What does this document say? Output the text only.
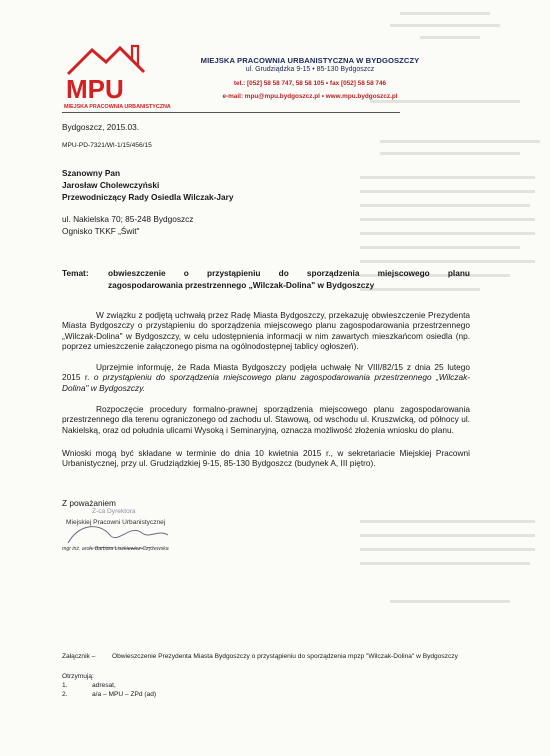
MPU
MIEJSKA PRACOWNIA URBANISTYCZNA
MIEJSKA PRACOWNIA URBANISTYCZNA W BYDGOSZCZY
ul. Grudziądzka 9-15 • 85-130 Bydgoszcz
tel.: [052] 58 58 747, 58 58 105 • fax [052] 58 58 746
e-mail: mpu@mpu.bydgoszcz.pl • www.mpu.bydgoszcz.pl
Bydgoszcz, 2015.03.
MPU-PD-7321/WI-1/15/456/15
Szanowny Pan
Jarosław Cholewczyński
Przewodniczący Rady Osiedla Wilczak-Jary
ul. Nakielska 70; 85-248 Bydgoszcz
Ognisko TKKF „Świt"
Temat: obwieszczenie o przystąpieniu do sporządzenia miejscowego planu
zagospodarowania przestrzennego „Wilczak-Dolina" w Bydgoszczy
W związku z podjętą uchwałą przez Radę Miasta Bydgoszczy, przekazuję obwieszczenie Prezydenta Miasta Bydgoszczy o przystąpieniu do sporządzenia miejscowego planu zagospodarowania przestrzennego „Wilczak-Dolina" w Bydgoszczy, w celu udostępnienia informacji w nim zawartych mieszkańcom osiedla (np. poprzez umieszczenie załączonego pisma na ogólnodostępnej tablicy ogłoszeń).
Uprzejmie informuję, że Rada Miasta Bydgoszczy podjęła uchwałę Nr VIII/82/15 z dnia 25 lutego 2015 r. o przystąpieniu do sporządzenia miejscowego planu zagospodarowania przestrzennego „Wilczak-Dolina" w Bydgoszczy.
Rozpoczęcie procedury formalno-prawnej sporządzenia miejscowego planu zagospodarowania przestrzennego dla terenu ograniczonego od zachodu ul. Stawową, od wschodu ul. Kruszwicką, od północy ul. Nakielską, oraz od południa ulicami Wysoką i Seminaryjną, oznacza możliwość złożenia wniosku do planu.
Wnioski mogą być składane w terminie do dnia 10 kwietnia 2015 r., w sekretariacie Miejskiej Pracowni Urbanistycznej, przy ul. Grudziądzkiej 9-15, 85-130 Bydgoszcz (budynek A, III piętro).
Z poważaniem
Z-ca Dyrektora
Miejskiej Pracowni Urbanistycznej
mgr inż. arch. Barbara Liszkiewicz-Czyżewska
Załącznik –	Obwieszczenie Prezydenta Miasta Bydgoszczy o przystąpieniu do sporządzenia mpzp "Wilczak-Dolina" w Bydgoszczy
Otrzymują:
1.	adresat,
2.	a/a – MPU – ZPd (ad)
